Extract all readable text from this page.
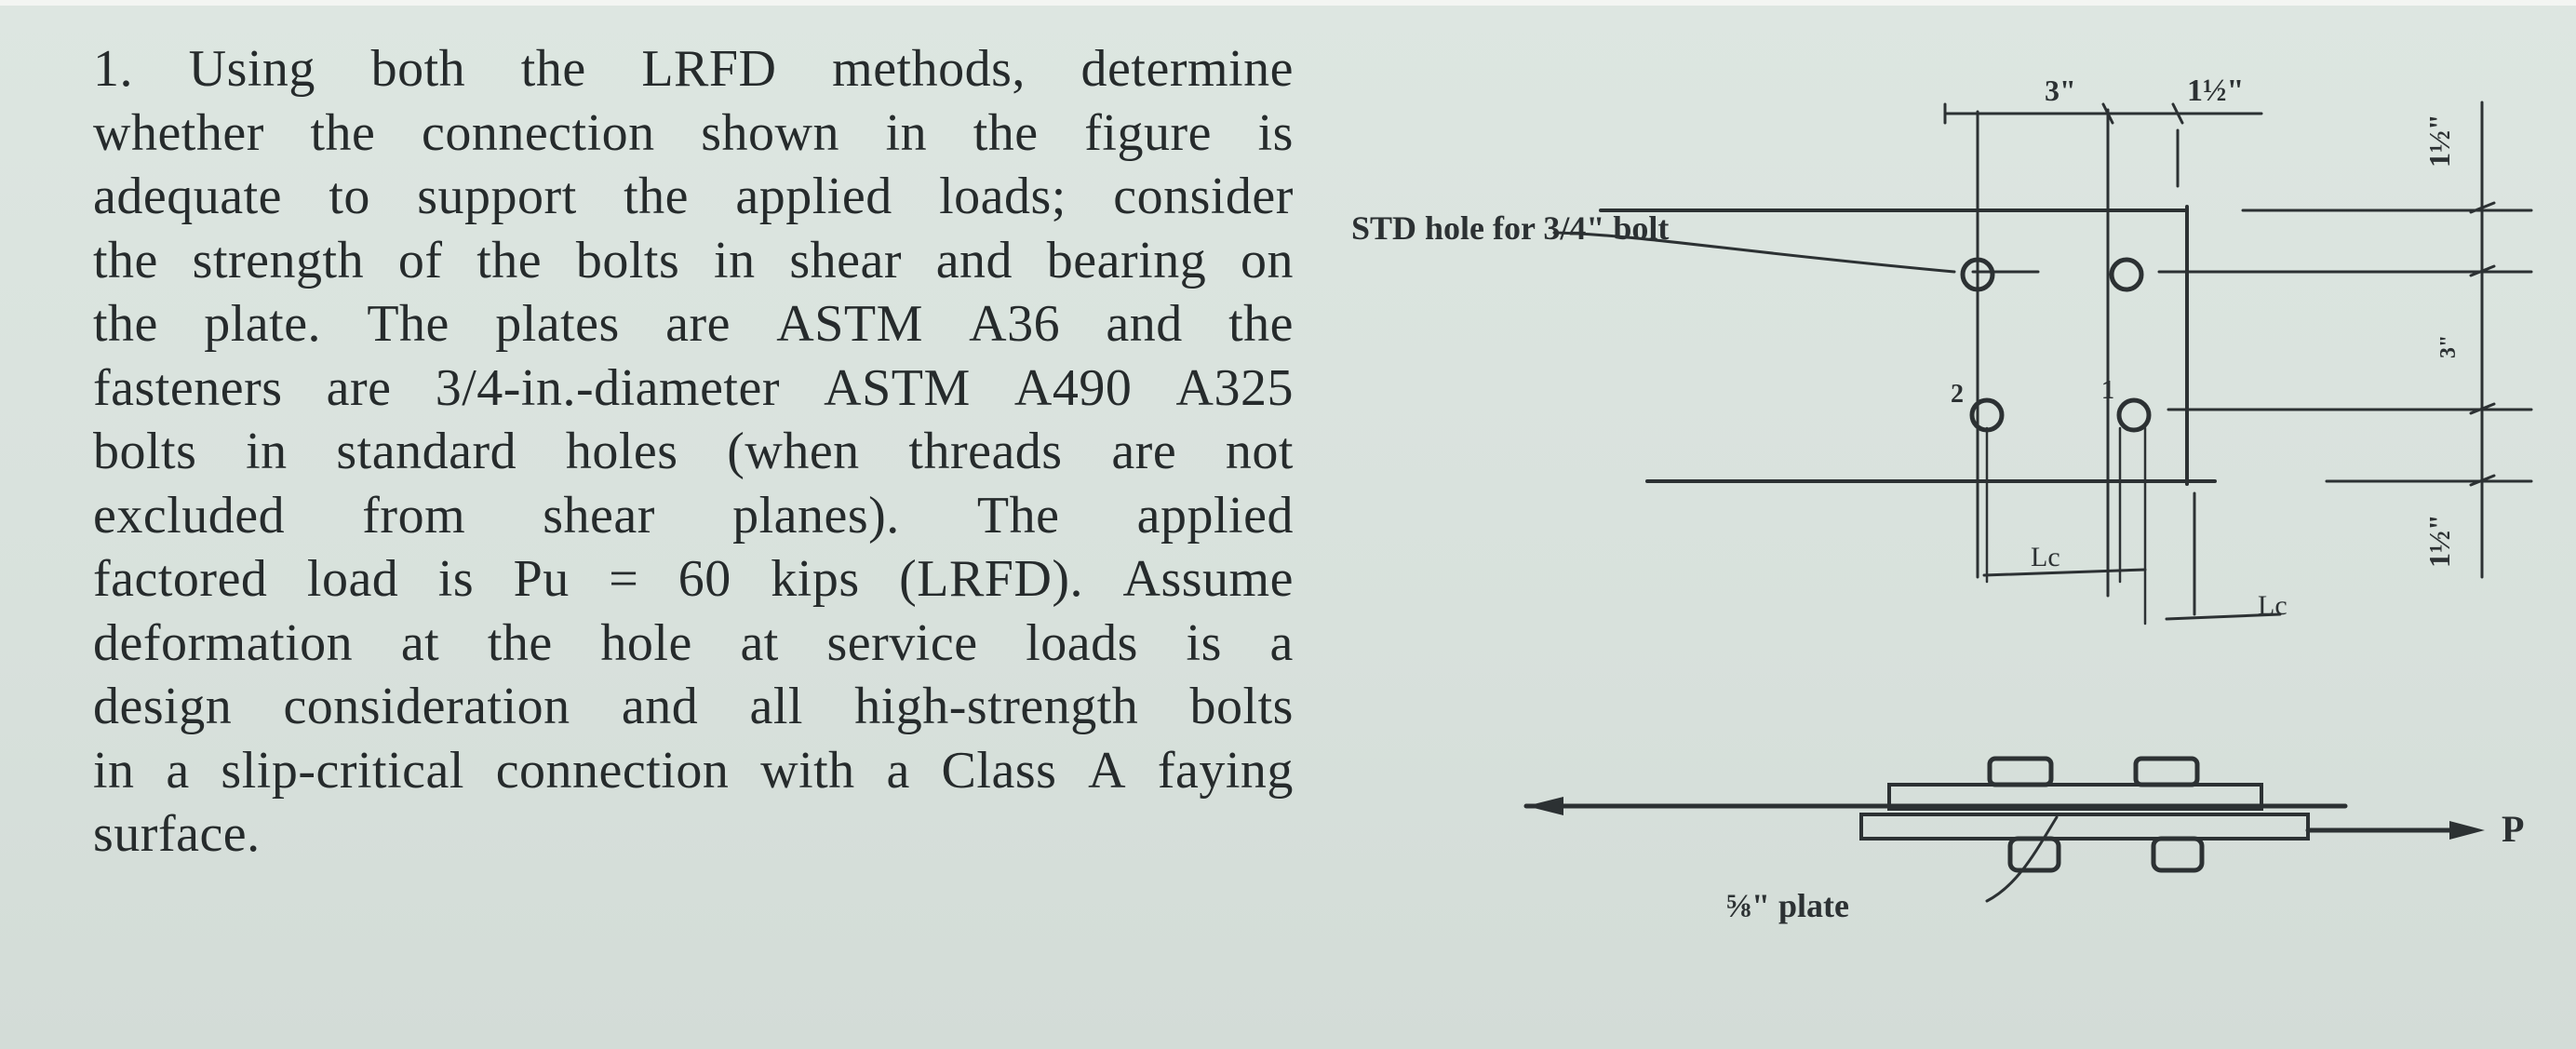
1. Using both the LRFD methods, determine
whether the connection shown in the figure is
adequate to support the applied loads; consider
the strength of the bolts in shear and bearing on
the plate. The plates are ASTM A36 and the
fasteners are 3/4-in.-diameter ASTM A490 A325
bolts in standard holes (when threads are not
excluded from shear planes). The applied
factored load is Pu = 60 kips (LRFD). Assume
deformation at the hole at service loads is a
design consideration and all high-strength bolts
in a slip-critical connection with a Class A faying
surface.
STD hole for 3/4" bolt
3"	1½"
1½"
3"
1½"
2	1
Lc
Lc
⅝" plate
P
